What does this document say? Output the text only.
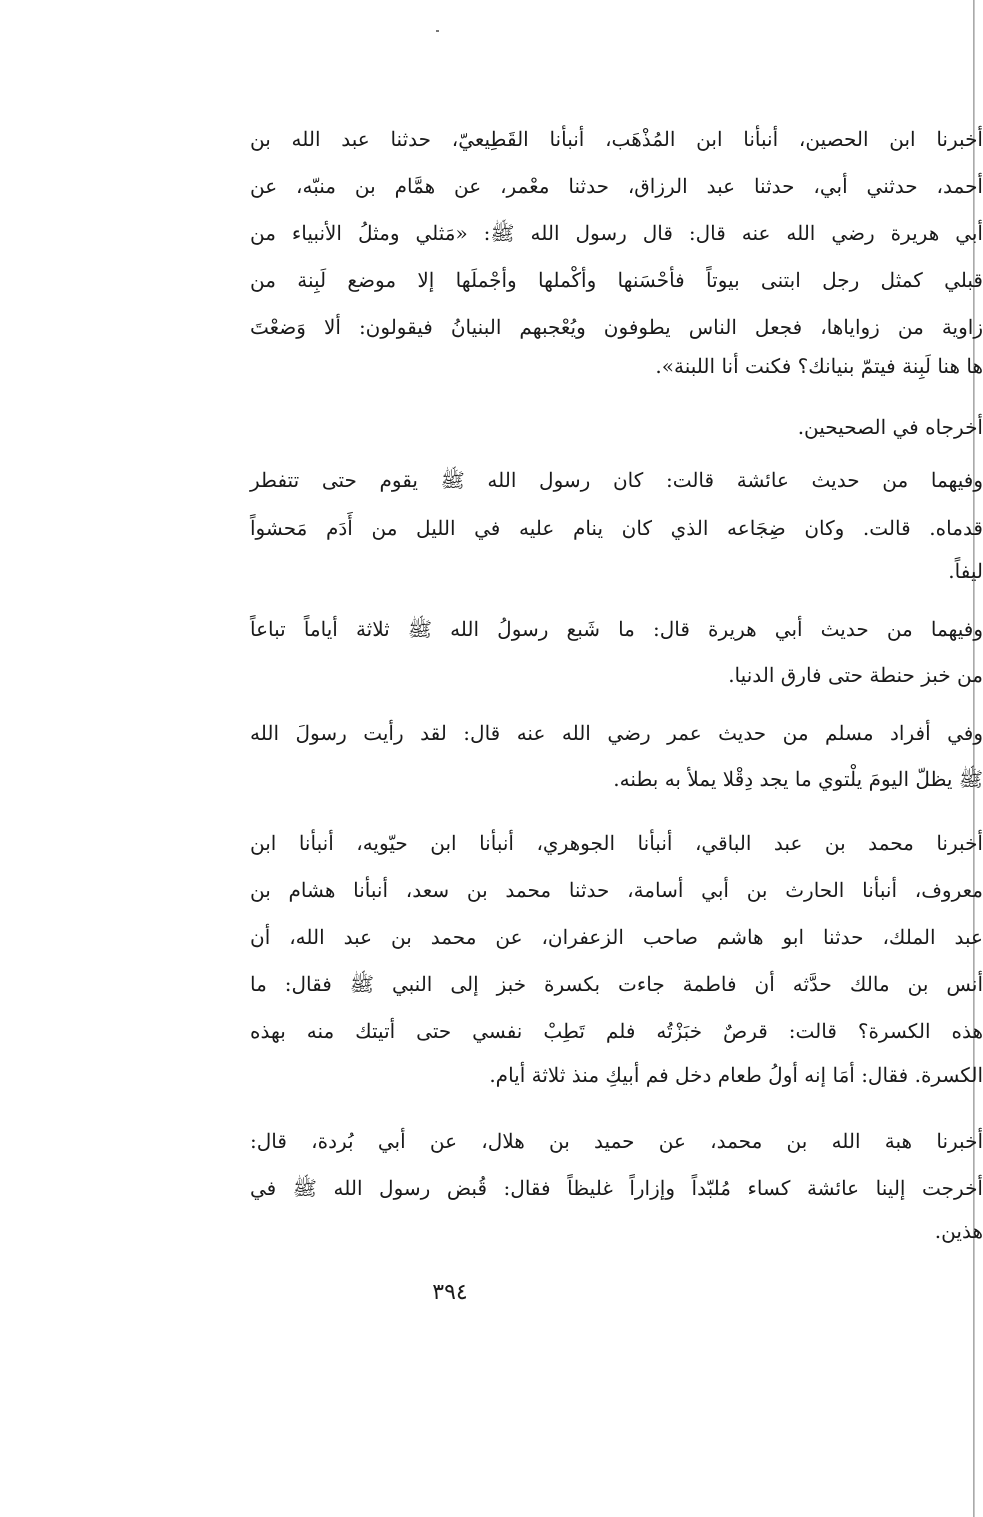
أخبرنا ابن الحصين، أنبأنا ابن المُذْهَب، أنبأنا القَطِيعيّ، حدثنا عبد الله بن
أحمد، حدثني أبي، حدثنا عبد الرزاق، حدثنا معْمر، عن همَّام بن منبّه، عن
أبي هريرة رضي الله عنه قال: قال رسول الله ﷺ: «مَثلي ومثلُ الأنبياء من
قبلي كمثل رجل ابتنى بيوتاً فأحْسَنها وأكْملها وأجْملَها إلا موضع لَبِنة من
زاوية من زواياها، فجعل الناس يطوفون ويُعْجبهم البنيانُ فيقولون: ألا وَضعْتَ
ها هنا لَبِنة فيتمّ بنيانك؟ فكنت أنا اللبنة».
أخرجاه في الصحيحين.
وفيهما من حديث عائشة قالت: كان رسول الله ﷺ يقوم حتى تتفطر
قدماه. قالت. وكان ضِجَاعه الذي كان ينام عليه في الليل من أَدَم مَحشواً
ليفاً.
وفيهما من حديث أبي هريرة قال: ما شَبع رسولُ الله ﷺ ثلاثة أياماً تباعاً
من خبز حنطة حتى فارق الدنيا.
وفي أفراد مسلم من حديث عمر رضي الله عنه قال: لقد رأيت رسولَ الله
ﷺ يظلّ اليومَ يلْتوي ما يجد دِقْلا يملأ به بطنه.
أخبرنا محمد بن عبد الباقي، أنبأنا الجوهري، أنبأنا ابن حيّويه، أنبأنا ابن
معروف، أنبأنا الحارث بن أبي أسامة، حدثنا محمد بن سعد، أنبأنا هشام بن
عبد الملك، حدثنا ابو هاشم صاحب الزعفران، عن محمد بن عبد الله، أن
أنس بن مالك حدَّثه أن فاطمة جاءت بكسرة خبز إلى النبي ﷺ فقال: ما
هذه الكسرة؟ قالت: قرصٌ خبَزْتُه فلم تَطِبْ نفسي حتى أتيتك منه بهذه
الكسرة. فقال: أمَا إنه أولُ طعام دخل فم أبيكِ منذ ثلاثة أيام.
أخبرنا هبة الله بن محمد، عن حميد بن هلال، عن أبي بُردة، قال:
أخرجت إلينا عائشة كساء مُلبّداً وإزاراً غليظاً فقال: قُبض رسول الله ﷺ في
هذين.
٣٩٤
